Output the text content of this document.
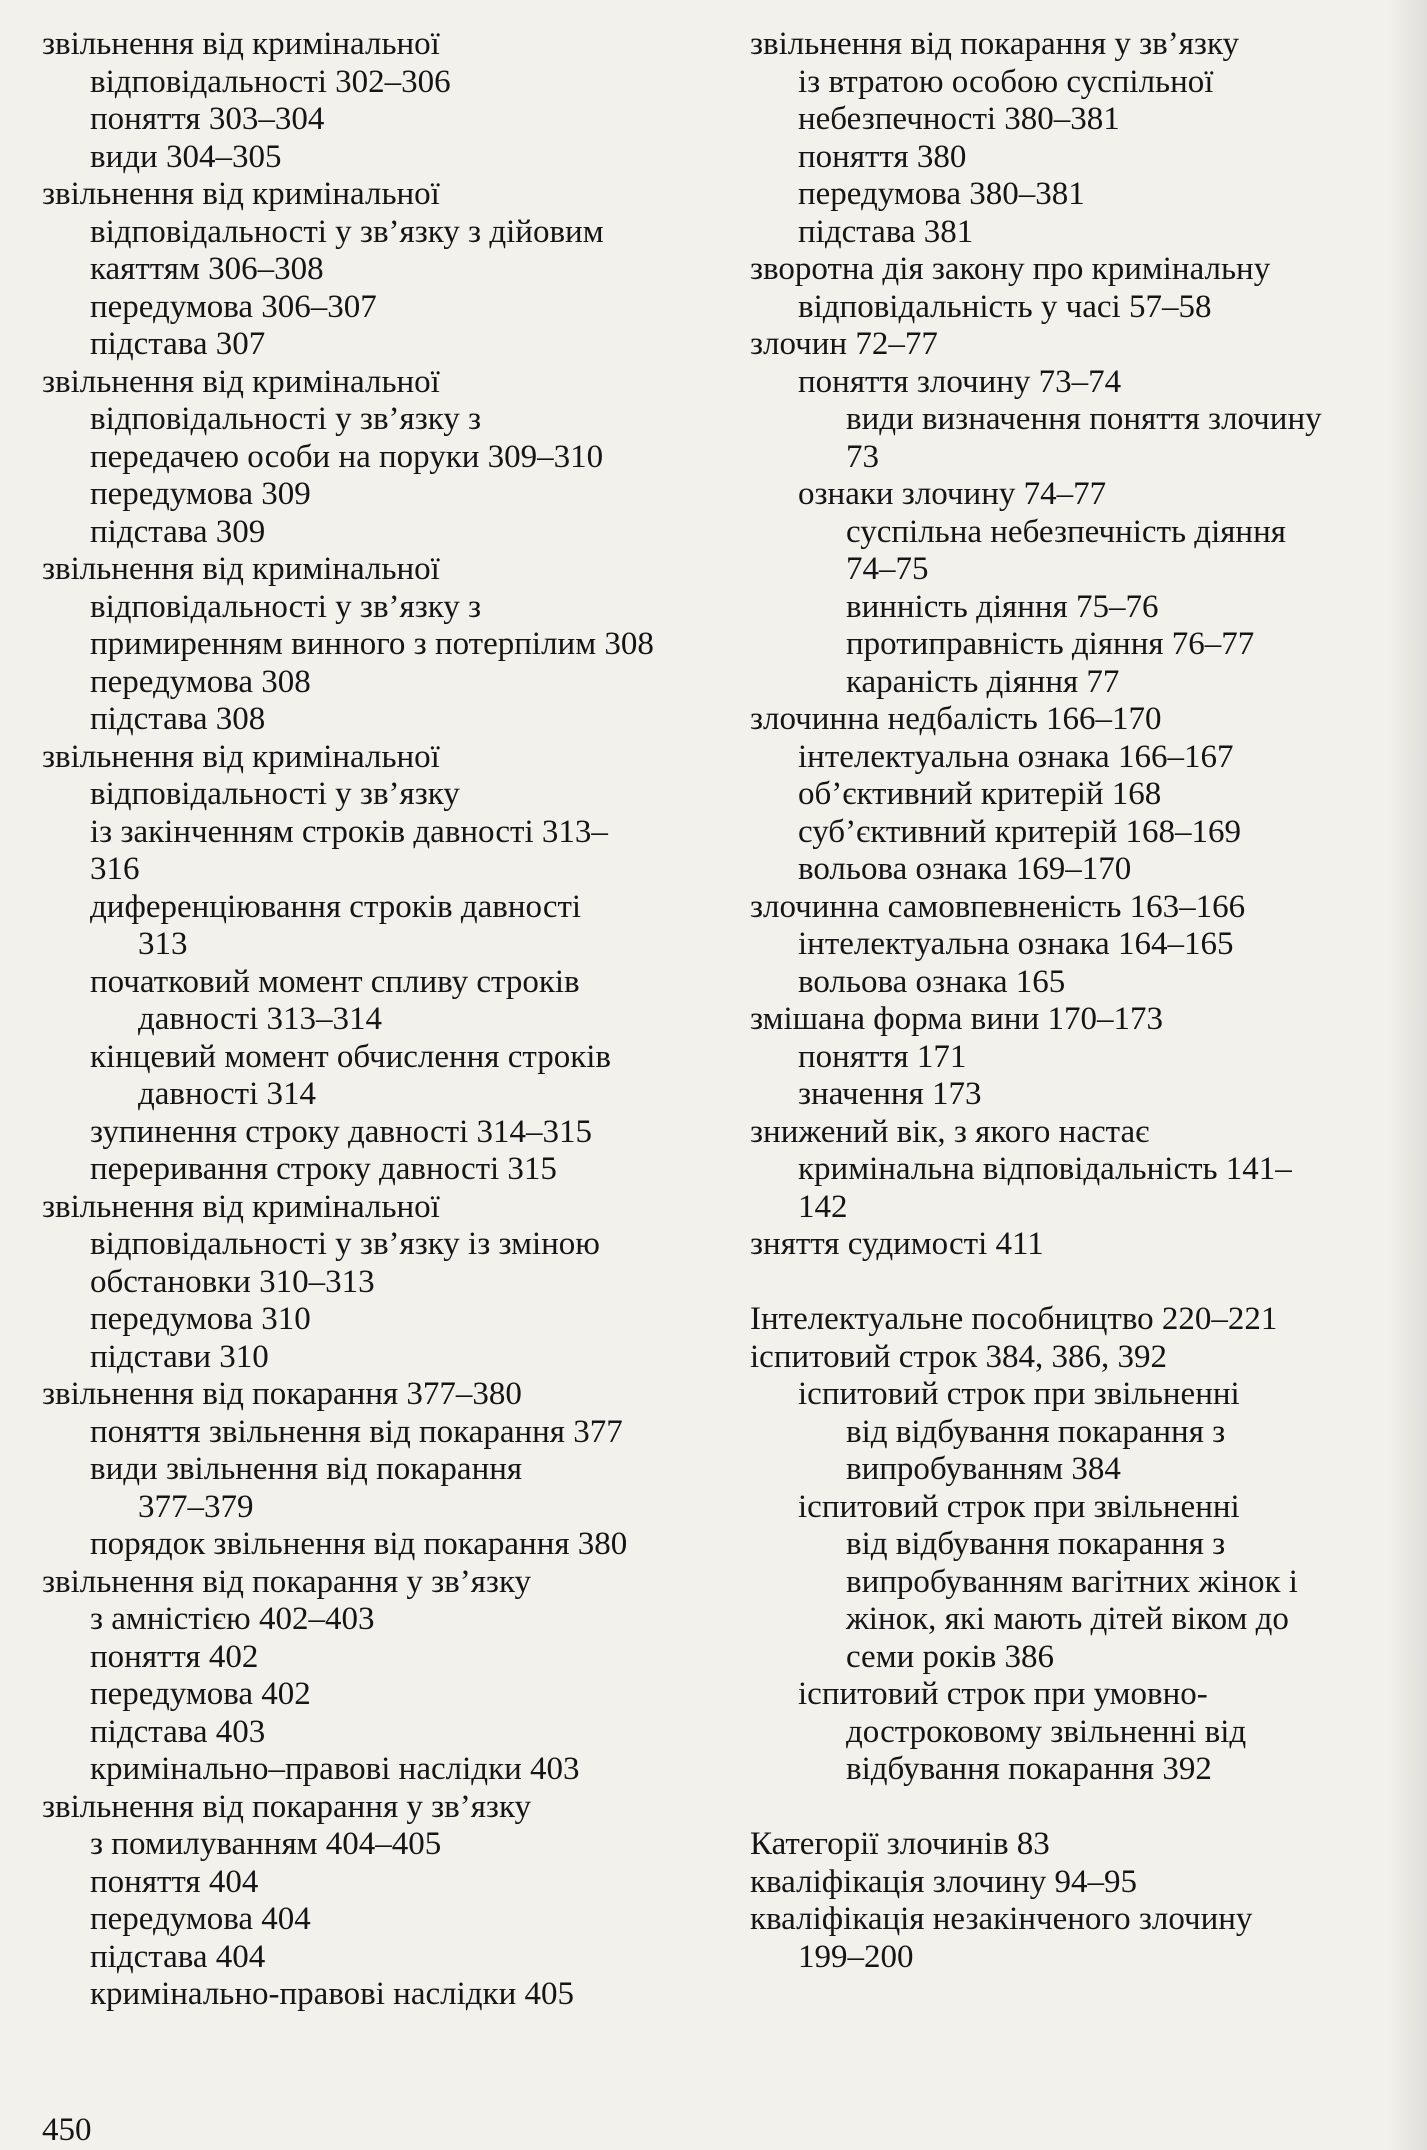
звільнення від кримінальної
відповідальності 302–306
поняття 303–304
види 304–305
звільнення від кримінальної
відповідальності у зв’язку з дійовим
каяттям 306–308
передумова 306–307
підстава 307
звільнення від кримінальної
відповідальності у зв’язку з
передачею особи на поруки 309–310
передумова 309
підстава 309
звільнення від кримінальної
відповідальності у зв’язку з
примиренням винного з потерпілим 308
передумова 308
підстава 308
звільнення від кримінальної
відповідальності у зв’язку
із закінченням строків давності 313–
316
диференціювання строків давності
313
початковий момент спливу строків
давності 313–314
кінцевий момент обчислення строків
давності 314
зупинення строку давності 314–315
переривання строку давності 315
звільнення від кримінальної
відповідальності у зв’язку із зміною
обстановки 310–313
передумова 310
підстави 310
звільнення від покарання 377–380
поняття звільнення від покарання 377
види звільнення від покарання
377–379
порядок звільнення від покарання 380
звільнення від покарання у зв’язку
з амністією 402–403
поняття 402
передумова 402
підстава 403
кримінально–правові наслідки 403
звільнення від покарання у зв’язку
з помилуванням 404–405
поняття 404
передумова 404
підстава 404
кримінально-правові наслідки 405
звільнення від покарання у зв’язку
із втратою особою суспільної
небезпечності 380–381
поняття 380
передумова 380–381
підстава 381
зворотна дія закону про кримінальну
відповідальність у часі 57–58
злочин 72–77
поняття злочину 73–74
види визначення поняття злочину
73
ознаки злочину 74–77
суспільна небезпечність діяння
74–75
винність діяння 75–76
протиправність діяння 76–77
караність діяння 77
злочинна недбалість 166–170
інтелектуальна ознака 166–167
об’єктивний критерій 168
суб’єктивний критерій 168–169
вольова ознака 169–170
злочинна самовпевненість 163–166
інтелектуальна ознака 164–165
вольова ознака 165
змішана форма вини 170–173
поняття 171
значення 173
знижений вік, з якого настає
кримінальна відповідальність 141–
142
зняття судимості 411
Інтелектуальне пособництво 220–221
іспитовий строк 384, 386, 392
іспитовий строк при звільненні
від відбування покарання з
випробуванням 384
іспитовий строк при звільненні
від відбування покарання з
випробуванням вагітних жінок і
жінок, які мають дітей віком до
семи років 386
іспитовий строк при умовно-
достроковому звільненні від
відбування покарання 392
Категорії злочинів 83
кваліфікація злочину 94–95
кваліфікація незакінченого злочину
199–200
450
